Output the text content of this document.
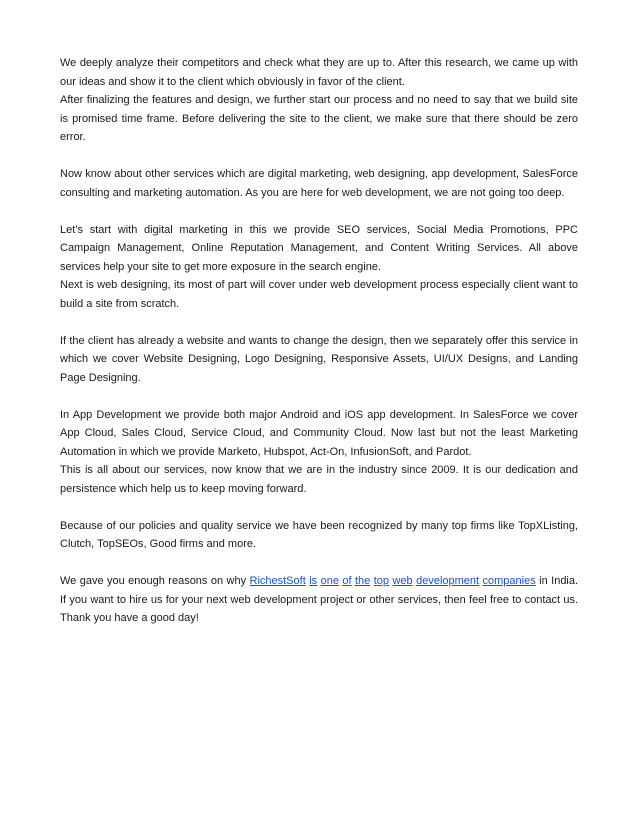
We deeply analyze their competitors and check what they are up to. After this research, we came up with our ideas and show it to the client which obviously in favor of the client.
After finalizing the features and design, we further start our process and no need to say that we build site is promised time frame. Before delivering the site to the client, we make sure that there should be zero error.

Now know about other services which are digital marketing, web designing, app development, SalesForce consulting and marketing automation. As you are here for web development, we are not going too deep.

Let’s start with digital marketing in this we provide SEO services, Social Media Promotions, PPC Campaign Management, Online Reputation Management, and Content Writing Services. All above services help your site to get more exposure in the search engine.
Next is web designing, its most of part will cover under web development process especially client want to build a site from scratch.

If the client has already a website and wants to change the design, then we separately offer this service in which we cover Website Designing, Logo Designing, Responsive Assets, UI/UX Designs, and Landing Page Designing.

In App Development we provide both major Android and iOS app development. In SalesForce we cover App Cloud, Sales Cloud, Service Cloud, and Community Cloud. Now last but not the least Marketing Automation in which we provide Marketo, Hubspot, Act-On, InfusionSoft, and Pardot.
This is all about our services, now know that we are in the industry since 2009. It is our dedication and persistence which help us to keep moving forward.

Because of our policies and quality service we have been recognized by many top firms like TopXListing, Clutch, TopSEOs, Good firms and more.

We gave you enough reasons on why RichestSoft is one of the top web development companies in India. If you want to hire us for your next web development project or other services, then feel free to contact us. Thank you have a good day!
